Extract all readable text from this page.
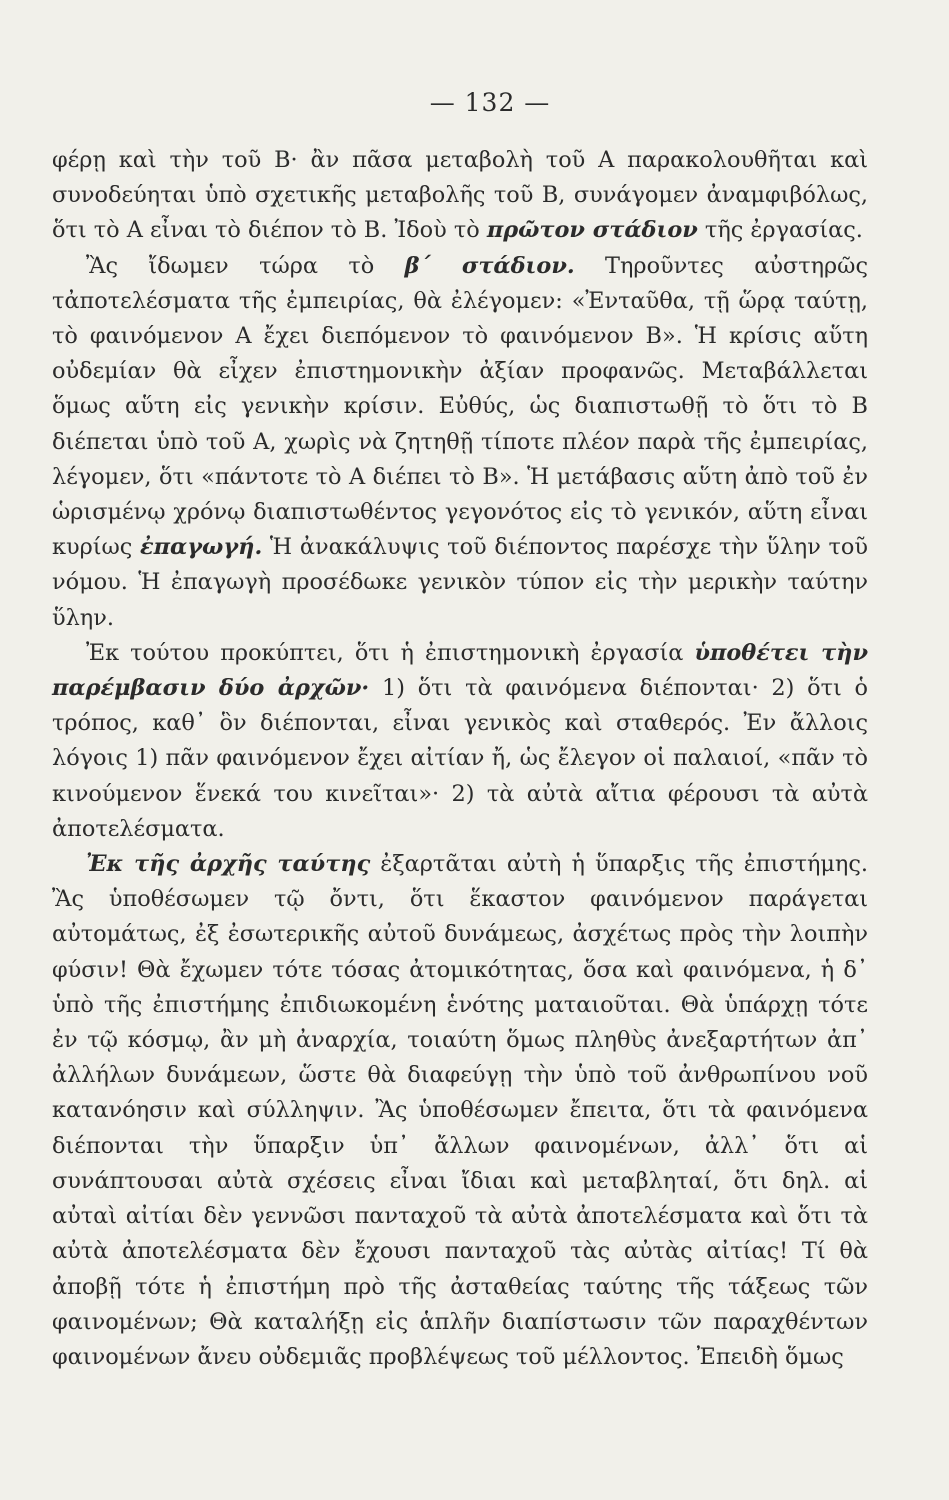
— 132 —

φέρῃ καὶ τὴν τοῦ Β· ἂν πᾶσα μεταβολὴ τοῦ Α παρακολουθῆται καὶ συνοδεύηται ὑπὸ σχετικῆς μεταβολῆς τοῦ Β, συνάγομεν ἀναμφιβόλως, ὅτι τὸ Α εἶναι τὸ διέπον τὸ Β. Ἰδοὺ τὸ πρῶτον στάδιον τῆς ἐργασίας.

Ἂς ἴδωμεν τώρα τὸ β΄ στάδιον. Τηροῦντες αὐστηρῶς τἀποτελέσματα τῆς ἐμπειρίας, θὰ ἐλέγομεν: «Ἐνταῦθα, τῇ ὥρᾳ ταύτῃ, τὸ φαινόμενον Α ἔχει διεπόμενον τὸ φαινόμενον Β». Ἡ κρίσις αὕτη οὐδεμίαν θὰ εἶχεν ἐπιστημονικὴν ἀξίαν προφανῶς. Μεταβάλλεται ὅμως αὕτη εἰς γενικὴν κρίσιν. Εὐθύς, ὡς διαπιστωθῇ τὸ ὅτι τὸ Β διέπεται ὑπὸ τοῦ Α, χωρὶς νὰ ζητηθῇ τίποτε πλέον παρὰ τῆς ἐμπειρίας, λέγομεν, ὅτι «πάντοτε τὸ Α διέπει τὸ Β». Ἡ μετάβασις αὕτη ἀπὸ τοῦ ἐν ὡρισμένῳ χρόνῳ διαπιστωθέντος γεγονότος εἰς τὸ γενικόν, αὕτη εἶναι κυρίως ἐπαγωγή. Ἡ ἀνακάλυψις τοῦ διέποντος παρέσχε τὴν ὕλην τοῦ νόμου. Ἡ ἐπαγωγὴ προσέδωκε γενικὸν τύπον εἰς τὴν μερικὴν ταύτην ὕλην.

Ἐκ τούτου προκύπτει, ὅτι ἡ ἐπιστημονικὴ ἐργασία ὑποθέτει τὴν παρέμβασιν δύο ἀρχῶν· 1) ὅτι τὰ φαινόμενα διέπονται· 2) ὅτι ὁ τρόπος, καθ᾿ ὃν διέπονται, εἶναι γενικὸς καὶ σταθερός. Ἐν ἄλλοις λόγοις 1) πᾶν φαινόμενον ἔχει αἰτίαν ἤ, ὡς ἔλεγον οἱ παλαιοί, «πᾶν τὸ κινούμενον ἕνεκά του κινεῖται»· 2) τὰ αὐτὰ αἴτια φέρουσι τὰ αὐτὰ ἀποτελέσματα.

Ἐκ τῆς ἀρχῆς ταύτης ἐξαρτᾶται αὐτὴ ἡ ὕπαρξις τῆς ἐπιστήμης. Ἂς ὑποθέσωμεν τῷ ὄντι, ὅτι ἕκαστον φαινόμενον παράγεται αὐτομάτως, ἐξ ἐσωτερικῆς αὐτοῦ δυνάμεως, ἀσχέτως πρὸς τὴν λοιπὴν φύσιν! Θὰ ἔχωμεν τότε τόσας ἀτομικότητας, ὅσα καὶ φαινόμενα, ἡ δ᾿ ὑπὸ τῆς ἐπιστήμης ἐπιδιωκομένη ἑνότης ματαιοῦται. Θὰ ὑπάρχῃ τότε ἐν τῷ κόσμῳ, ἂν μὴ ἀναρχία, τοιαύτη ὅμως πληθὺς ἀνεξαρτήτων ἀπ᾿ ἀλλήλων δυνάμεων, ὥστε θὰ διαφεύγῃ τὴν ὑπὸ τοῦ ἀνθρωπίνου νοῦ κατανόησιν καὶ σύλληψιν. Ἂς ὑποθέσωμεν ἔπειτα, ὅτι τὰ φαινόμενα διέπονται τὴν ὕπαρξιν ὑπ᾿ ἄλλων φαινομένων, ἀλλ᾿ ὅτι αἱ συνάπτουσαι αὐτὰ σχέσεις εἶναι ἴδιαι καὶ μεταβληταί, ὅτι δηλ. αἱ αὐταὶ αἰτίαι δὲν γεννῶσι πανταχοῦ τὰ αὐτὰ ἀποτελέσματα καὶ ὅτι τὰ αὐτὰ ἀποτελέσματα δὲν ἔχουσι πανταχοῦ τὰς αὐτὰς αἰτίας! Τί θὰ ἀποβῇ τότε ἡ ἐπιστήμη πρὸ τῆς ἀσταθείας ταύτης τῆς τάξεως τῶν φαινομένων; Θὰ καταλήξῃ εἰς ἁπλῆν διαπίστωσιν τῶν παραχθέντων φαινομένων ἄνευ οὐδεμιᾶς προβλέψεως τοῦ μέλλοντος. Ἐπειδὴ ὅμως
